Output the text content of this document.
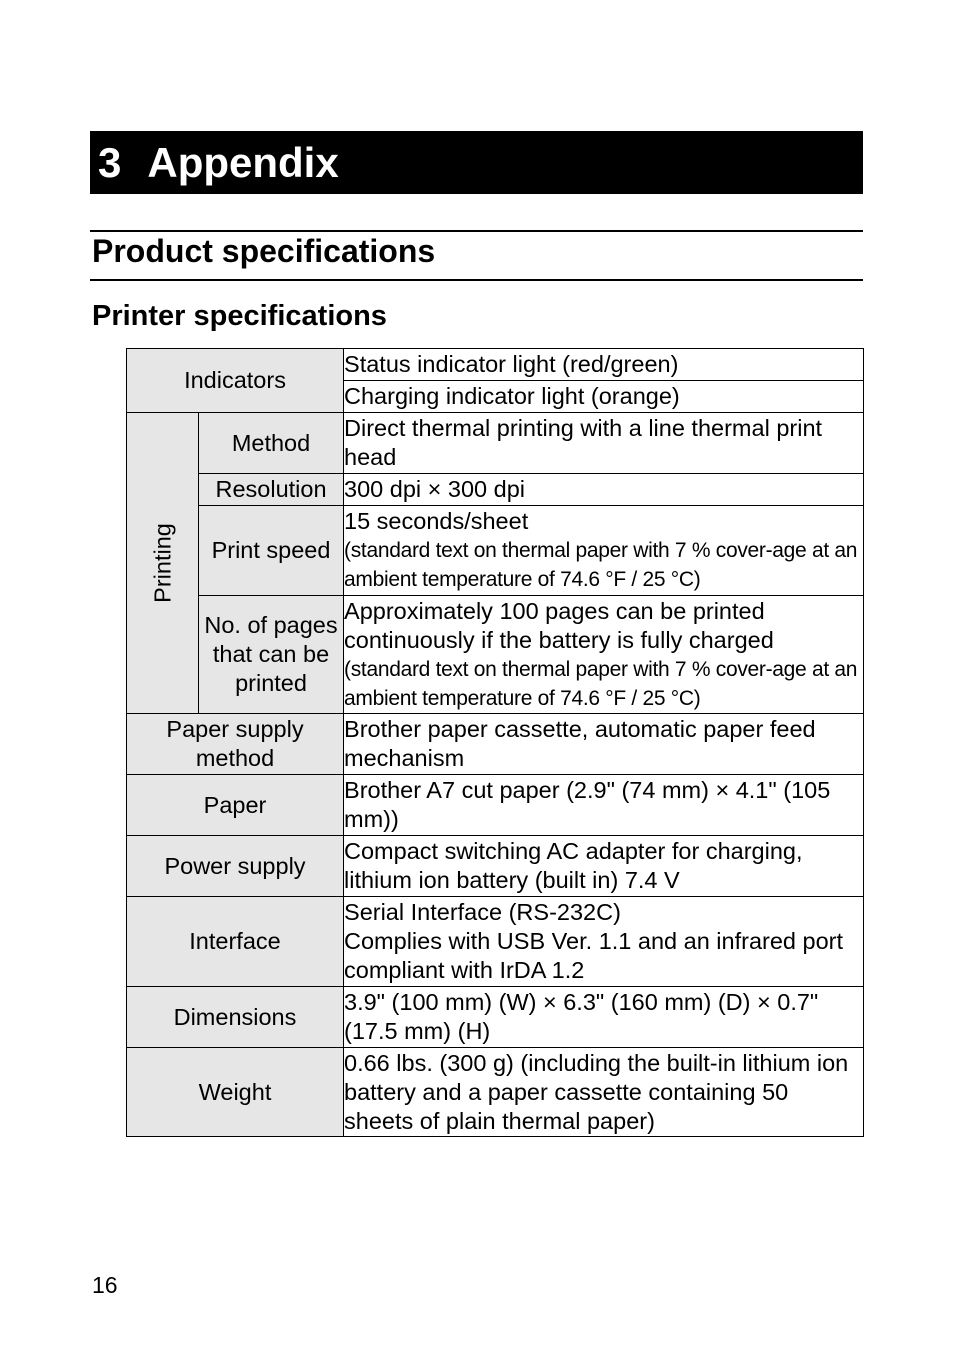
3 Appendix
Product specifications
Printer specifications
Indicators		Status indicator light (red/green)
		Charging indicator light (orange)

Printing	Method	Direct thermal printing with a line thermal print head
	Resolution	300 dpi × 300 dpi
	Print speed	15 seconds/sheet
(standard text on thermal paper with 7 % cover-age at an ambient temperature of 74.6 °F / 25 °C)

	No. of pages that can be printed	Approximately 100 pages can be printed continuously if the battery is fully charged
(standard text on thermal paper with 7 % cover-age at an ambient temperature of 74.6 °F / 25 °C)

Paper supply method		Brother paper cassette, automatic paper feed mechanism
Paper		Brother A7 cut paper (2.9" (74 mm) × 4.1" (105 mm))
Power supply		Compact switching AC adapter for charging, lithium ion battery (built in) 7.4 V
Interface		Serial Interface (RS-232C)
Complies with USB Ver. 1.1 and an infrared port compliant with IrDA 1.2

Dimensions		3.9" (100 mm) (W) × 6.3" (160 mm) (D) × 0.7" (17.5 mm) (H)
Weight		0.66 lbs. (300 g) (including the built-in lithium ion battery and a paper cassette containing 50 sheets of plain thermal paper)
16
